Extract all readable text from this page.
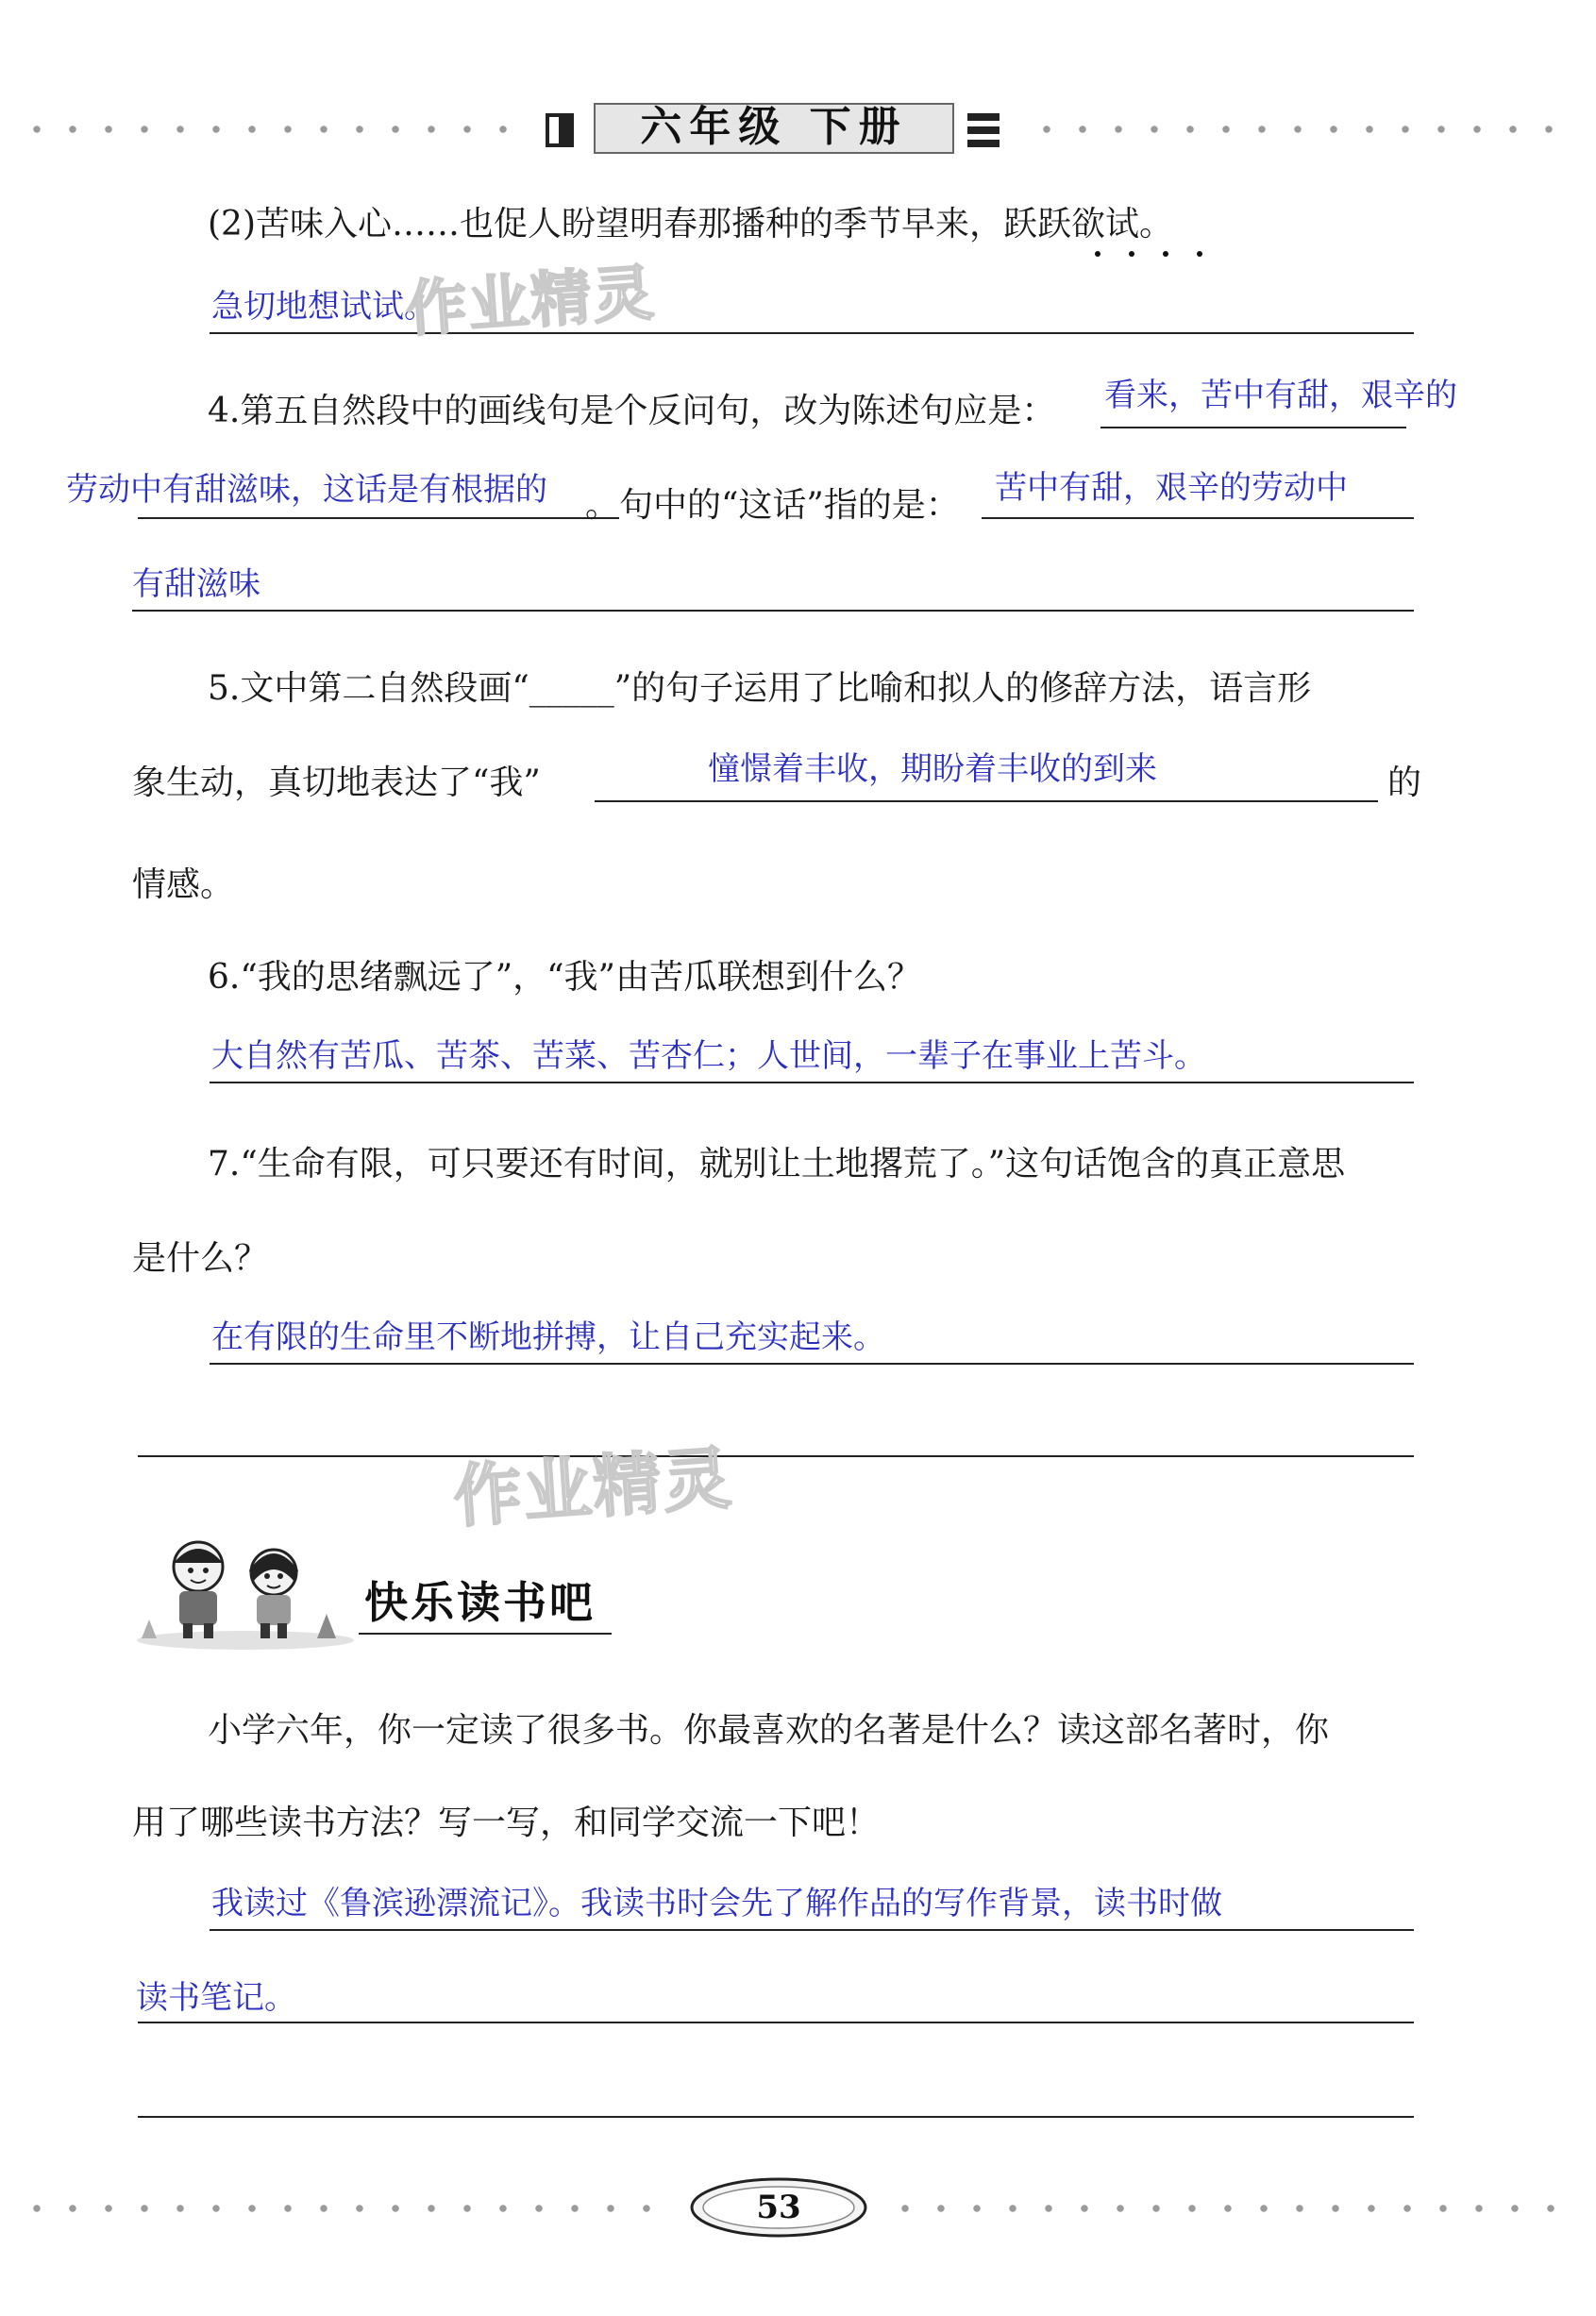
六年级 下册
(2)苦味入心……也促人盼望明春那播种的季节早来，跃跃欲试。
急切地想试试。
作业精灵
4.第五自然段中的画线句是个反问句，改为陈述句应是： 看来，苦中有甜，艰辛的
劳动中有甜滋味，这话是有根据的 。句中的“这话”指的是： 苦中有甜，艰辛的劳动中
有甜滋味
5.文中第二自然段画“_____”的句子运用了比喻和拟人的修辞方法，语言形
象生动，真切地表达了“我”	憧憬着丰收，期盼着丰收的到来	的
情感。
6.“我的思绪飘远了”，“我”由苦瓜联想到什么？
大自然有苦瓜、苦茶、苦菜、苦杏仁；人世间，一辈子在事业上苦斗。
7.“生命有限，可只要还有时间，就别让土地撂荒了。”这句话饱含的真正意思
是什么？
在有限的生命里不断地拼搏，让自己充实起来。
作业精灵
快乐读书吧
小学六年，你一定读了很多书。你最喜欢的名著是什么？读这部名著时，你
用了哪些读书方法？写一写，和同学交流一下吧！
我读过《鲁滨逊漂流记》。我读书时会先了解作品的写作背景，读书时做
读书笔记。
53
